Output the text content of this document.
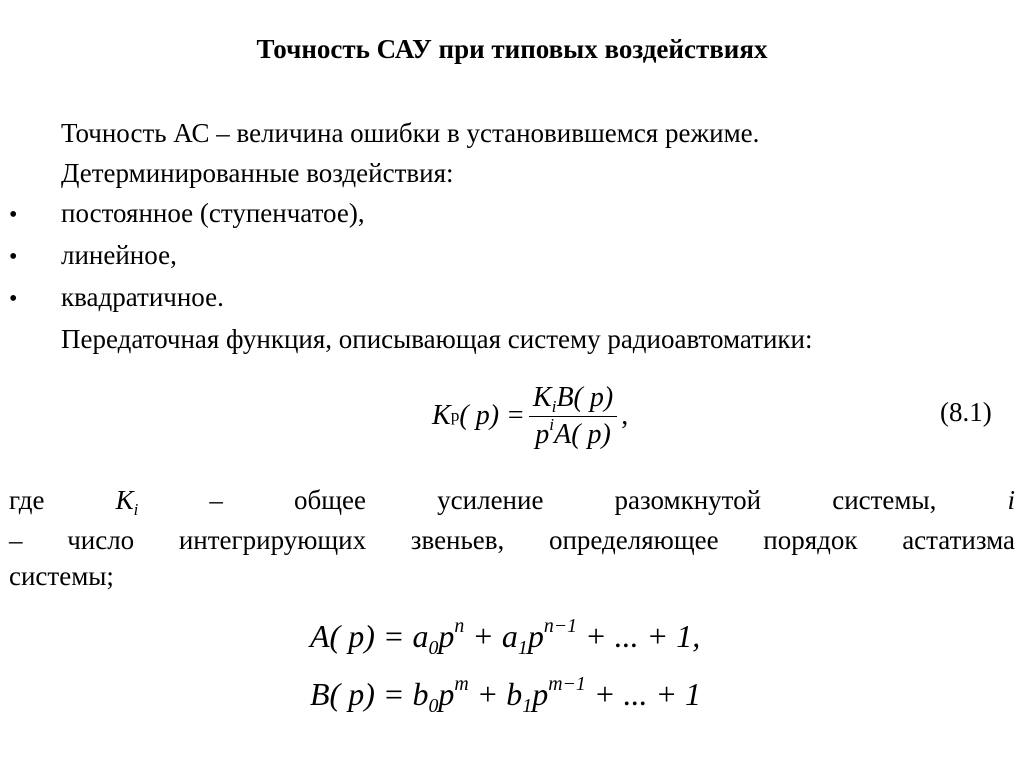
Точность САУ при типовых воздействиях
Точность АС – величина ошибки в установившемся режиме.
Детерминированные воздействия:
• постоянное (ступенчатое),
• линейное,
• квадратичное.
Передаточная функция, описывающая систему радиоавтоматики:
K р ( $p) = \frac{K_iB( p)}{p^iA( p)}$ ,	(8.1)
где	$K_i$	– общее усиление разомкнутой системы,	i
– число интегрирующих звеньев, определяющее порядок астатизма
системы;
A( $p) = a_0p^n + a_1p^{n-1}$ + ... + 1,
B( $p) = b_0p^m + b_1p^{m-1}$ + ... + 1
